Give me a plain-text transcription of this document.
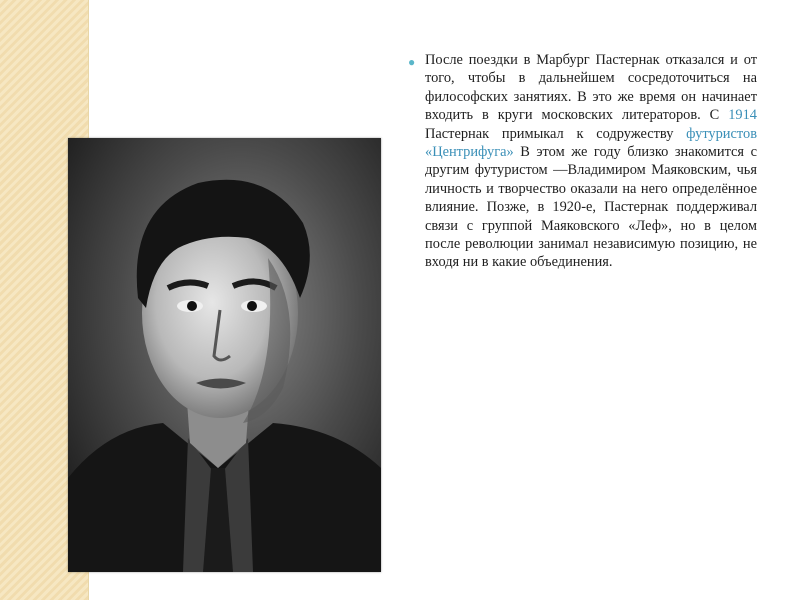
● После поездки в Марбург Пастернак отказался и от того, чтобы в дальнейшем сосредоточиться на философских занятиях. В это же время он начинает входить в круги московских литераторов. С 1914 Пастернак примыкал к содружеству футуристов «Центрифуга» В этом же году близко знакомится с другим футуристом —Владимиром Маяковским, чья личность и творчество оказали на него определённое влияние. Позже, в 1920-е, Пастернак поддерживал связи с группой Маяковского «Леф», но в целом после революции занимал независимую позицию, не входя ни в какие объединения.
